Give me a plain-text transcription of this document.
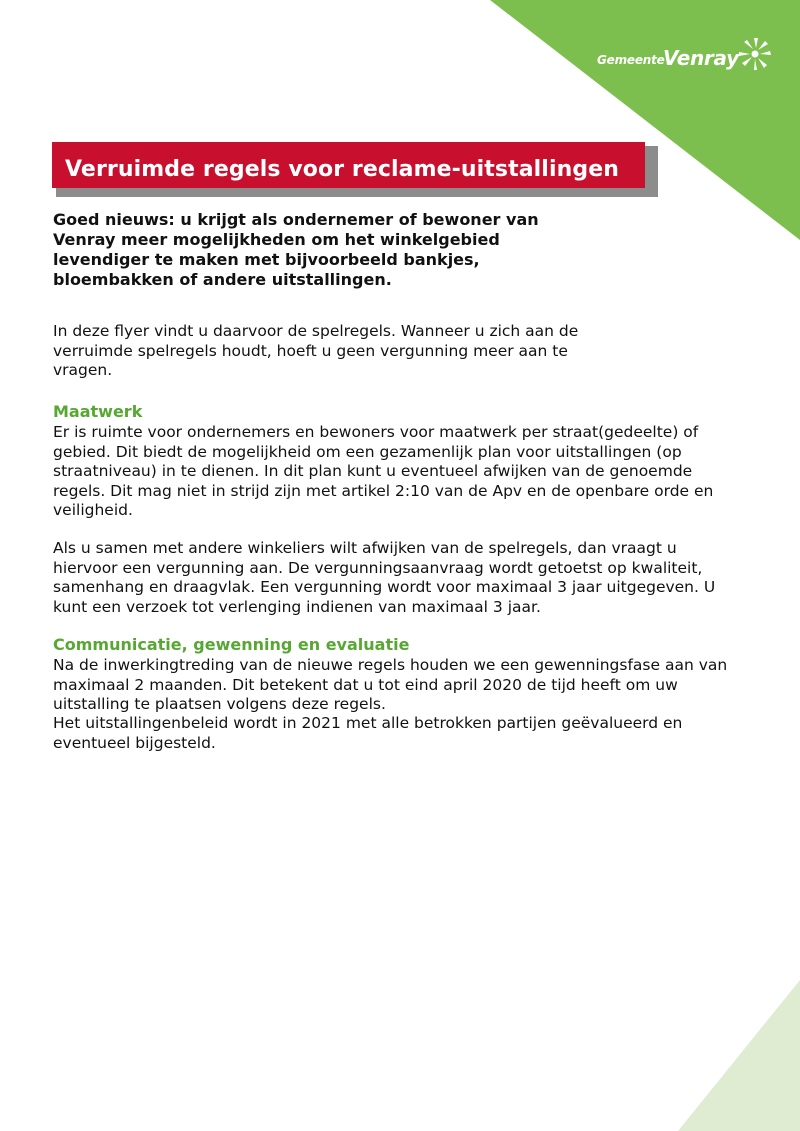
Gemeente
Venray
Verruimde regels voor reclame-uitstallingen

Goed nieuws: u krijgt als ondernemer of bewoner van Venray meer mogelijkheden om het winkelgebied levendiger te maken met bijvoorbeeld bankjes, bloembakken of andere uitstallingen.

In deze flyer vindt u daarvoor de spelregels. Wanneer u zich aan de verruimde spelregels houdt, hoeft u geen vergunning meer aan te vragen.

Maatwerk

Er is ruimte voor ondernemers en bewoners voor maatwerk per straat(gedeelte) of gebied. Dit biedt de mogelijkheid om een gezamenlijk plan voor uitstallingen (op straatniveau) in te dienen. In dit plan kunt u eventueel afwijken van de genoemde regels. Dit mag niet in strijd zijn met artikel 2:10 van de Apv en de openbare orde en veiligheid.

Als u samen met andere winkeliers wilt afwijken van de spelregels, dan vraagt u hiervoor een vergunning aan. De vergunningsaanvraag wordt getoetst op kwaliteit, samenhang en draagvlak. Een vergunning wordt voor maximaal 3 jaar uitgegeven. U kunt een verzoek tot verlenging indienen van maximaal 3 jaar.

Communicatie, gewenning en evaluatie

Na de inwerkingtreding van de nieuwe regels houden we een gewenningsfase aan van maximaal 2 maanden. Dit betekent dat u tot eind april 2020 de tijd heeft om uw uitstalling te plaatsen volgens deze regels.

Het uitstallingenbeleid wordt in 2021 met alle betrokken partijen geëvalueerd en eventueel bijgesteld.
